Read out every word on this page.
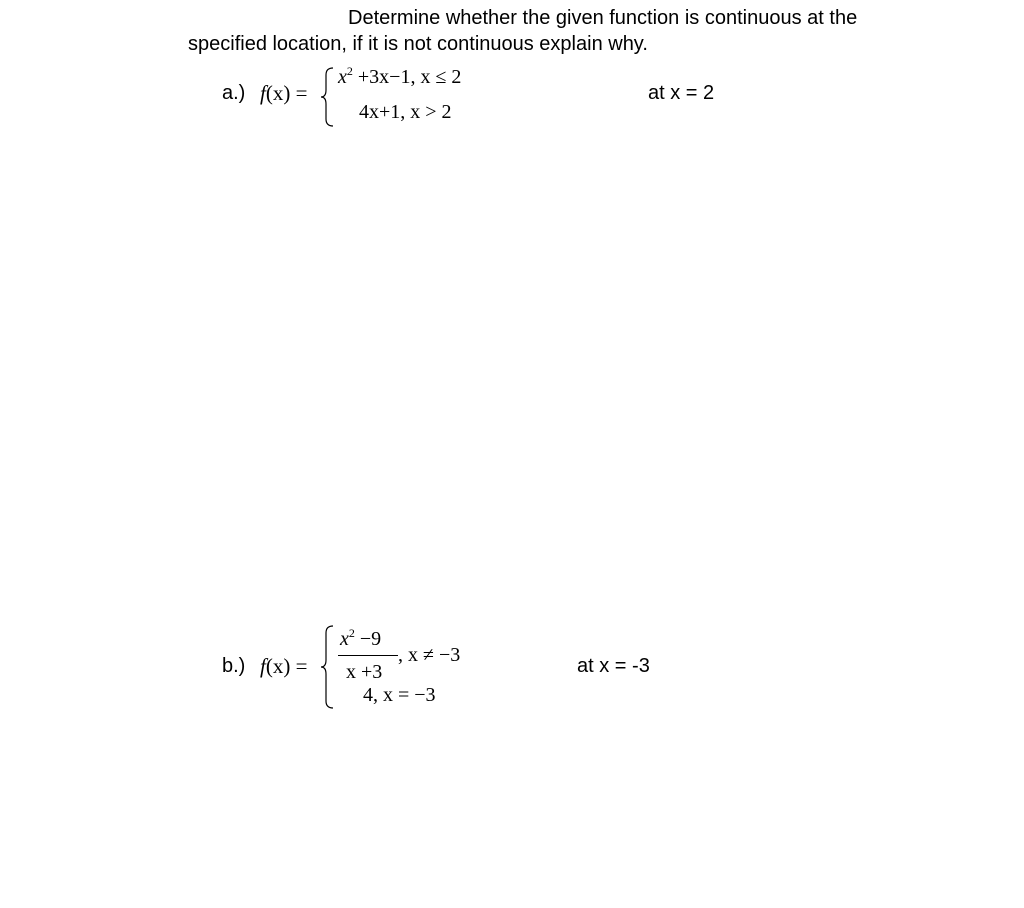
Determine whether the given function is continuous at the
specified location, if it is not continuous explain why.
a.) f(x) =
$x^2 +3x-1$, x ≤ 2
4x+1, x > 2
at x = 2
b.) f(x) =
$x^2 -9$
x +3
, x ≠ −3
4, x = −3
at x = -3
